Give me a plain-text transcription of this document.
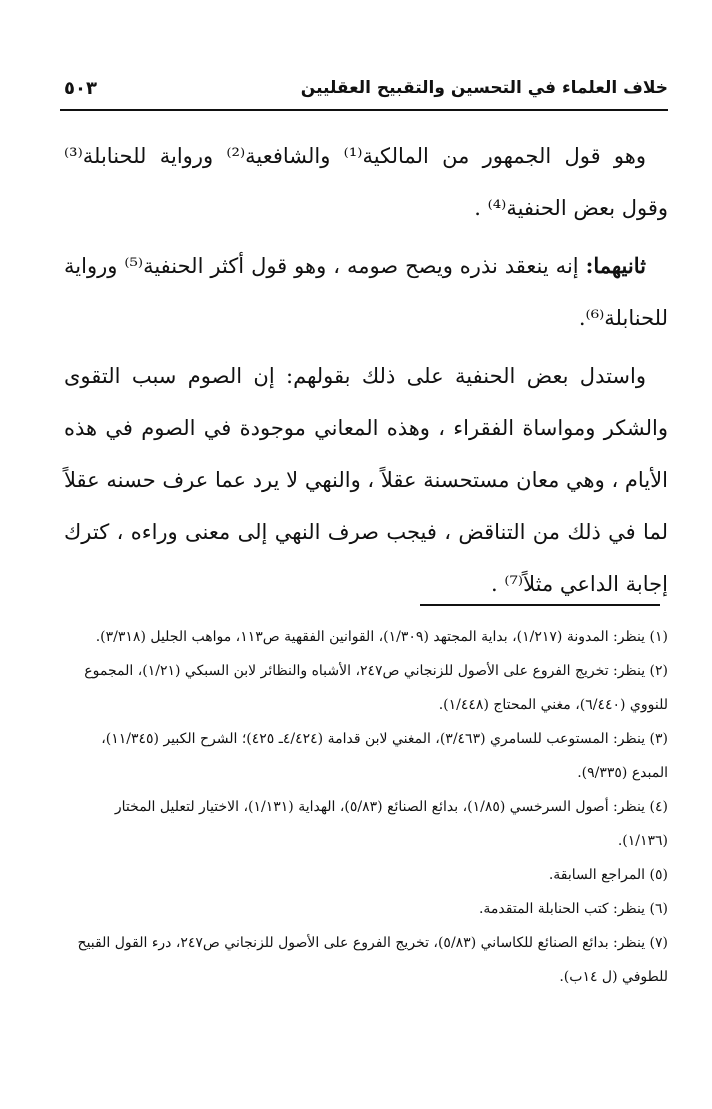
خلاف العلماء في التحسين والتقبيح العقليين
٥٠٣

وهو قول الجمهور من المالكية⁽¹⁾ والشافعية⁽²⁾ ورواية للحنابلة⁽³⁾ وقول بعض الحنفية⁽⁴⁾ .

ثانيهما: إنه ينعقد نذره ويصح صومه ، وهو قول أكثر الحنفية⁽⁵⁾ ورواية للحنابلة⁽⁶⁾.

واستدل بعض الحنفية على ذلك بقولهم: إن الصوم سبب التقوى والشكر ومواساة الفقراء ، وهذه المعاني موجودة في الصوم في هذه الأيام ، وهي معان مستحسنة عقلاً ، والنهي لا يرد عما عرف حسنه عقلاً لما في ذلك من التناقض ، فيجب صرف النهي إلى معنى وراءه ، كترك إجابة الداعي مثلاً⁽⁷⁾ .

(١) ينظر: المدونة (١/٢١٧)، بداية المجتهد (١/٣٠٩)، القوانين الفقهية ص١١٣، مواهب الجليل (٣/٣١٨).

(٢) ينظر: تخريج الفروع على الأصول للزنجاني ص٢٤٧، الأشباه والنظائر لابن السبكي (١/٢١)، المجموع للنووي (٦/٤٤٠)، مغني المحتاج (١/٤٤٨).

(٣) ينظر: المستوعب للسامري (٣/٤٦٣)، المغني لابن قدامة (٤/٤٢٤ـ ٤٢٥)؛ الشرح الكبير (١١/٣٤٥)، المبدع (٩/٣٣٥).

(٤) ينظر: أصول السرخسي (١/٨٥)، بدائع الصنائع (٥/٨٣)، الهداية (١/١٣١)، الاختيار لتعليل المختار (١/١٣٦).

(٥) المراجع السابقة.

(٦) ينظر: كتب الحنابلة المتقدمة.

(٧) ينظر: بدائع الصنائع للكاساني (٥/٨٣)، تخريج الفروع على الأصول للزنجاني ص٢٤٧، درء القول القبيح للطوفي (ل ١٤ب).
